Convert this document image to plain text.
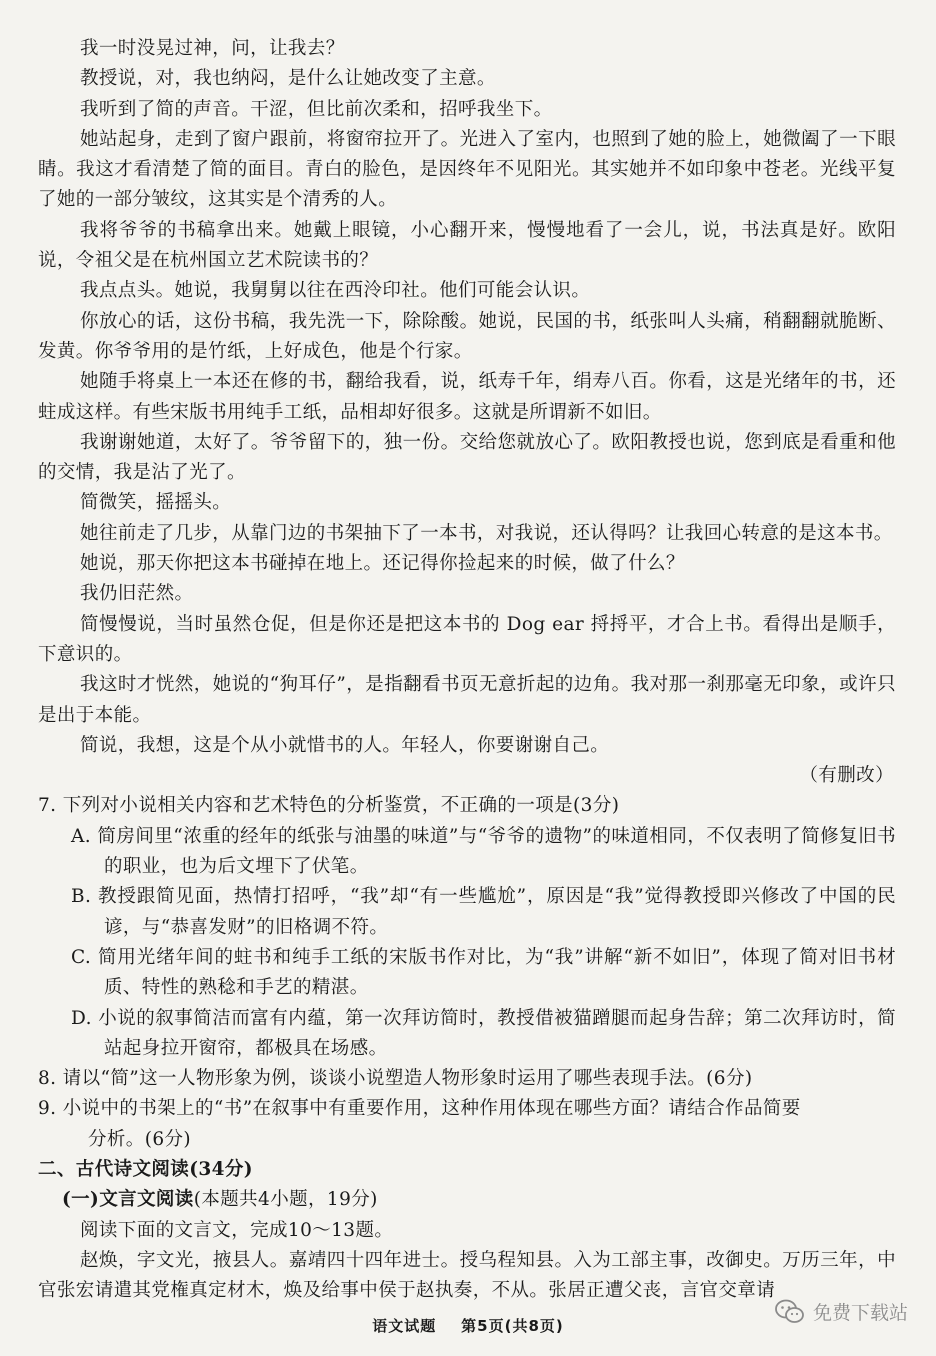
我一时没晃过神，问，让我去？

教授说，对，我也纳闷，是什么让她改变了主意。

我听到了简的声音。干涩，但比前次柔和，招呼我坐下。

她站起身，走到了窗户跟前，将窗帘拉开了。光进入了室内，也照到了她的脸上，她微阖了一下眼睛。我这才看清楚了简的面目。青白的脸色，是因终年不见阳光。其实她并不如印象中苍老。光线平复了她的一部分皱纹，这其实是个清秀的人。

我将爷爷的书稿拿出来。她戴上眼镜，小心翻开来，慢慢地看了一会儿，说，书法真是好。欧阳说，令祖父是在杭州国立艺术院读书的？

我点点头。她说，我舅舅以往在西泠印社。他们可能会认识。

你放心的话，这份书稿，我先洗一下，除除酸。她说，民国的书，纸张叫人头痛，稍翻翻就脆断、发黄。你爷爷用的是竹纸，上好成色，他是个行家。

她随手将桌上一本还在修的书，翻给我看，说，纸寿千年，绢寿八百。你看，这是光绪年的书，还蛀成这样。有些宋版书用纯手工纸，品相却好很多。这就是所谓新不如旧。

我谢谢她道，太好了。爷爷留下的，独一份。交给您就放心了。欧阳教授也说，您到底是看重和他的交情，我是沾了光了。

简微笑，摇摇头。

她往前走了几步，从靠门边的书架抽下了一本书，对我说，还认得吗？让我回心转意的是这本书。

她说，那天你把这本书碰掉在地上。还记得你捡起来的时候，做了什么？

我仍旧茫然。

简慢慢说，当时虽然仓促，但是你还是把这本书的 Dog ear 捋捋平，才合上书。看得出是顺手，下意识的。

我这时才恍然，她说的“狗耳仔”，是指翻看书页无意折起的边角。我对那一刹那毫无印象，或许只是出于本能。

简说，我想，这是个从小就惜书的人。年轻人，你要谢谢自己。

（有删改）

7. 下列对小说相关内容和艺术特色的分析鉴赏，不正确的一项是(3分)

A. 简房间里“浓重的经年的纸张与油墨的味道”与“爷爷的遗物”的味道相同，不仅表明了简修复旧书的职业，也为后文埋下了伏笔。

B. 教授跟简见面，热情打招呼，“我”却“有一些尴尬”，原因是“我”觉得教授即兴修改了中国的民谚，与“恭喜发财”的旧格调不符。

C. 简用光绪年间的蛀书和纯手工纸的宋版书作对比，为“我”讲解“新不如旧”，体现了简对旧书材质、特性的熟稔和手艺的精湛。

D. 小说的叙事简洁而富有内蕴，第一次拜访简时，教授借被猫蹭腿而起身告辞；第二次拜访时，简站起身拉开窗帘，都极具在场感。

8. 请以“简”这一人物形象为例，谈谈小说塑造人物形象时运用了哪些表现手法。(6分)

9. 小说中的书架上的“书”在叙事中有重要作用，这种作用体现在哪些方面？请结合作品简要

分析。(6分)

二、古代诗文阅读(34分)

(一)文言文阅读(本题共4小题，19分)

阅读下面的文言文，完成10～13题。

赵焕，字文光，掖县人。嘉靖四十四年进士。授乌程知县。入为工部主事，改御史。万历三年，中官张宏请遣其党権真定材木，焕及给事中侯于赵执奏，不从。张居正遭父丧，言官交章请

语文试题 第5页(共8页)
免费下载站
